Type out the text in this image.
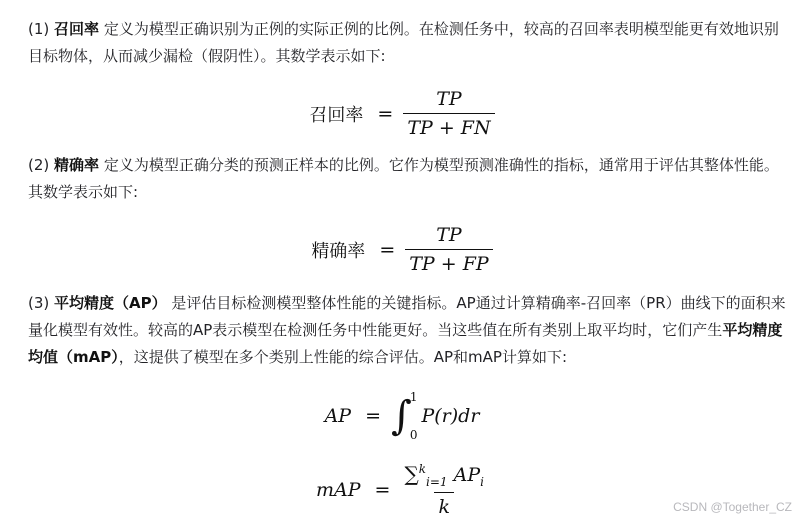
(1) 召回率 定义为模型正确识别为正例的实际正例的比例。在检测任务中，较高的召回率表明模型能更有效地识别目标物体，从而减少漏检（假阴性）。其数学表示如下:

召回率 = $\frac{TP}{TP + FN}$

(2) 精确率 定义为模型正确分类的预测正样本的比例。它作为模型预测准确性的指标，通常用于评估其整体性能。其数学表示如下:

精确率 = $\frac{TP}{TP + FP}$

(3) 平均精度（AP） 是评估目标检测模型整体性能的关键指标。AP通过计算精确率-召回率（PR）曲线下的面积来量化模型有效性。较高的AP表示模型在检测任务中性能更好。当这些值在所有类别上取平均时，它们产生平均精度均值（mAP），这提供了模型在多个类别上性能的综合评估。AP和mAP计算如下:

AP = ∫
1
0
P(r)dr
mAP = $\frac{\sum^k_{i=1} AP_i}{k}$	CSDN @Together_CZ
